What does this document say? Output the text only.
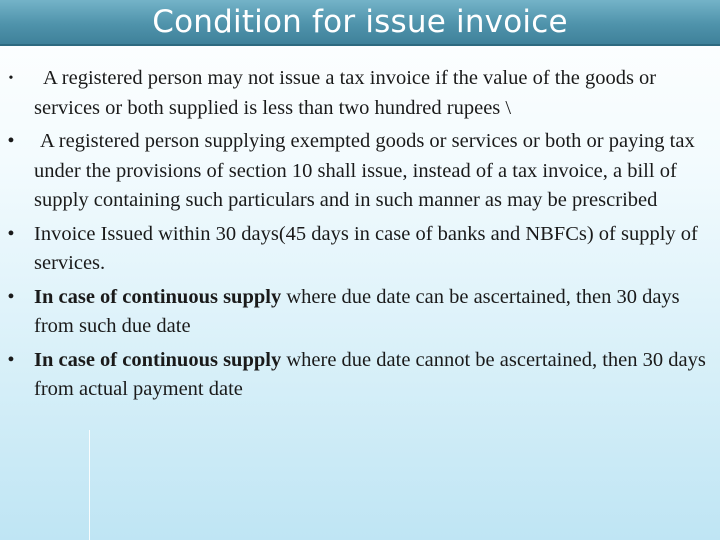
Condition for issue invoice
• A registered person may not issue a tax invoice if the value of the goods or services or both supplied is less than two hundred rupees \
• A registered person supplying exempted goods or services or both or paying tax under the provisions of section 10 shall issue, instead of a tax invoice, a bill of supply containing such particulars and in such manner as may be prescribed
• Invoice Issued within 30 days(45 days in case of banks and NBFCs) of supply of services.
• In case of continuous supply where due date can be ascertained, then 30 days from such due date
• In case of continuous supply where due date cannot be ascertained, then 30 days from actual payment date
